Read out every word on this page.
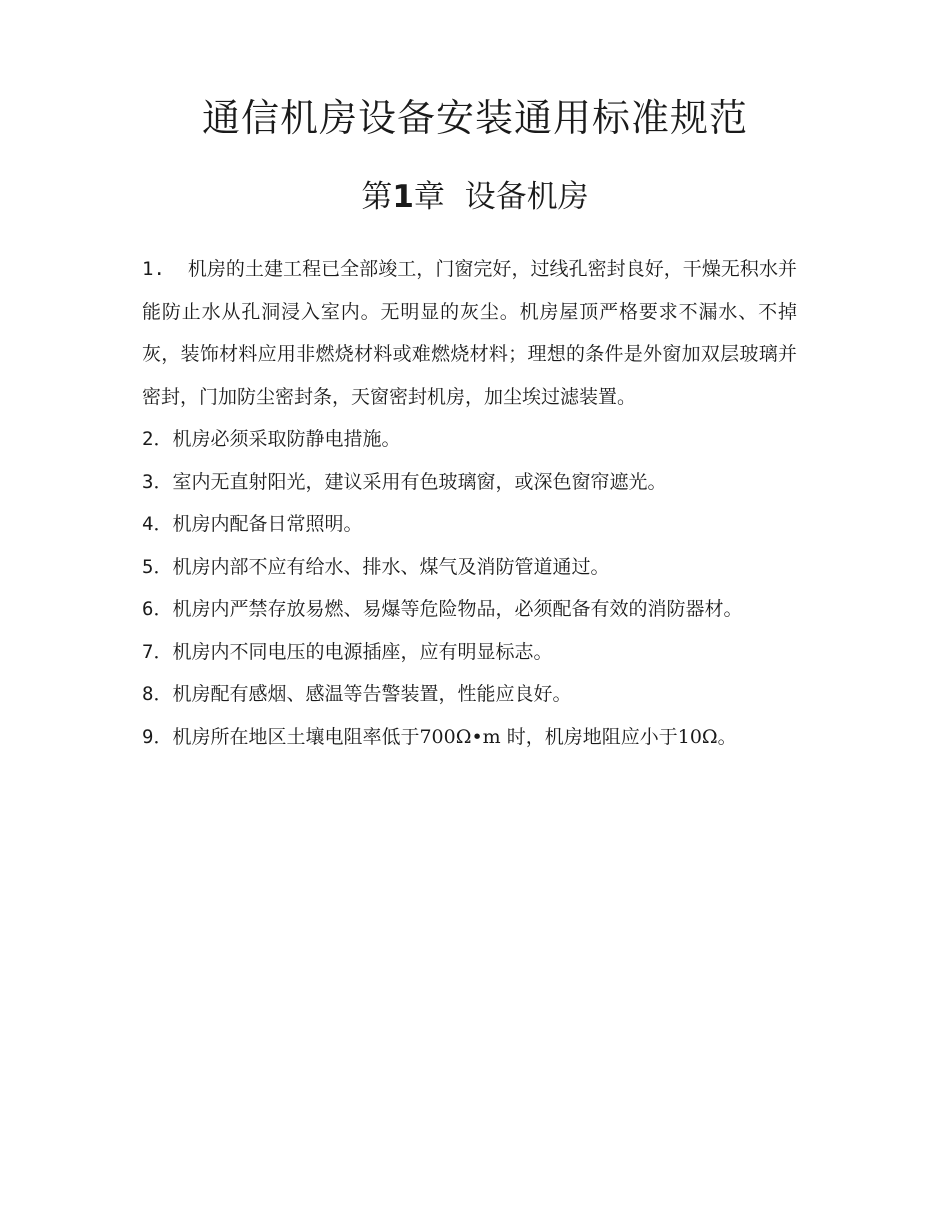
通信机房设备安装通用标准规范
第1章  设备机房

1.  机房的土建工程已全部竣工，门窗完好，过线孔密封良好，干燥无积水并能防止水从孔洞浸入室内。无明显的灰尘。机房屋顶严格要求不漏水、不掉灰，装饰材料应用非燃烧材料或难燃烧材料；理想的条件是外窗加双层玻璃并密封，门加防尘密封条，天窗密封机房，加尘埃过滤装置。

2．机房必须采取防静电措施。

3．室内无直射阳光，建议采用有色玻璃窗，或深色窗帘遮光。

4．机房内配备日常照明。

5．机房内部不应有给水、排水、煤气及消防管道通过。

6．机房内严禁存放易燃、易爆等危险物品，必须配备有效的消防器材。

7．机房内不同电压的电源插座，应有明显标志。

8．机房配有感烟、感温等告警装置，性能应良好。

9．机房所在地区土壤电阻率低于700Ω•m 时，机房地阻应小于10Ω。
